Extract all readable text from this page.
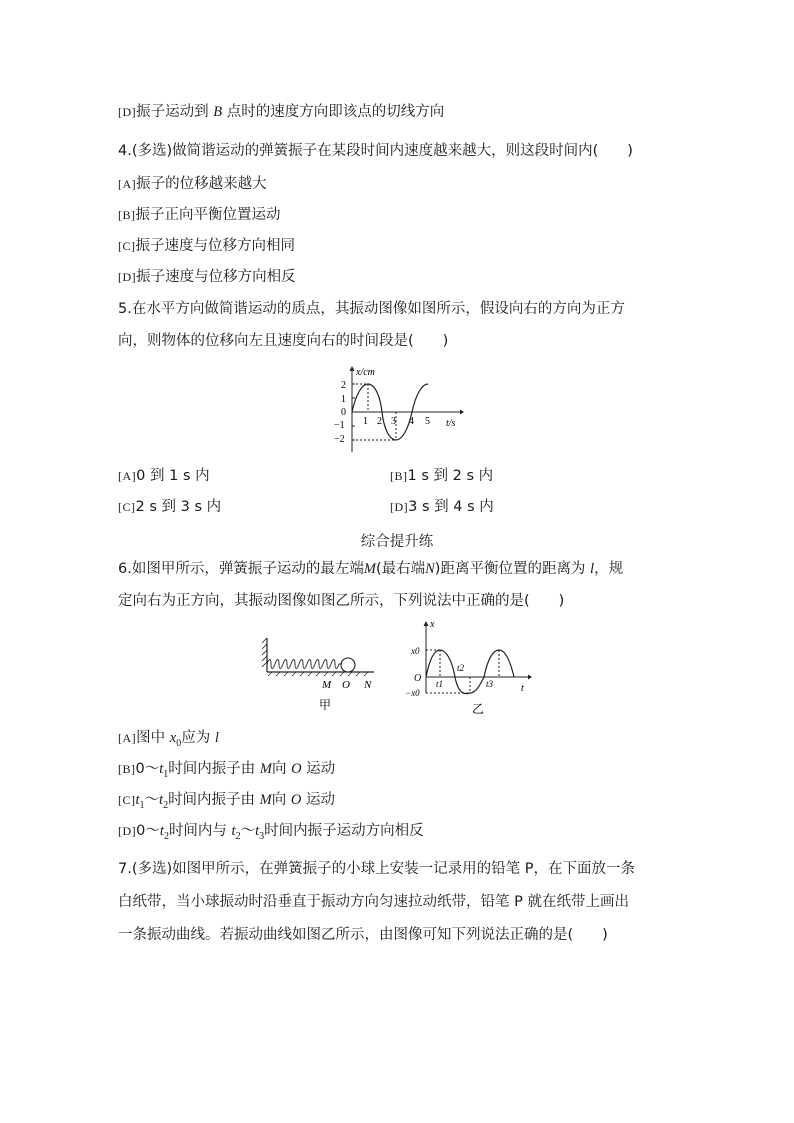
[D]振子运动到 B 点时的速度方向即该点的切线方向
4.(多选)做简谐运动的弹簧振子在某段时间内速度越来越大，则这段时间内(　　)
[A]振子的位移越来越大
[B]振子正向平衡位置运动
[C]振子速度与位移方向相同
[D]振子速度与位移方向相反
5.在水平方向做简谐运动的质点，其振动图像如图所示，假设向右的方向为正方
向，则物体的位移向左且速度向右的时间段是(　　)
x/cm
t/s
2
1
0
−1
−2
1 2 3 4 5
[A]0 到 1 s 内	[B]1 s 到 2 s 内
[C]2 s 到 3 s 内	[D]3 s 到 4 s 内
综合提升练
6.如图甲所示，弹簧振子运动的最左端M(最右端N)距离平衡位置的距离为 l，规
定向右为正方向，其振动图像如图乙所示，下列说法中正确的是(　　)
M O N
甲
x
t
O
x0
−x0
t1
t2
t3
乙
[A]图中 $x_0$应为 l
$[B]0\sim t_1$时间内振子由 M向 O 运动
$[C]t_1\sim t_2$时间内振子由 M向 O 运动
$[D]0\sim t_2$时间内与 $t_2\sim t_3$时间内振子运动方向相反
7.(多选)如图甲所示，在弹簧振子的小球上安装一记录用的铅笔 P，在下面放一条
白纸带，当小球振动时沿垂直于振动方向匀速拉动纸带，铅笔 P 就在纸带上画出
一条振动曲线。若振动曲线如图乙所示，由图像可知下列说法正确的是(　　)
